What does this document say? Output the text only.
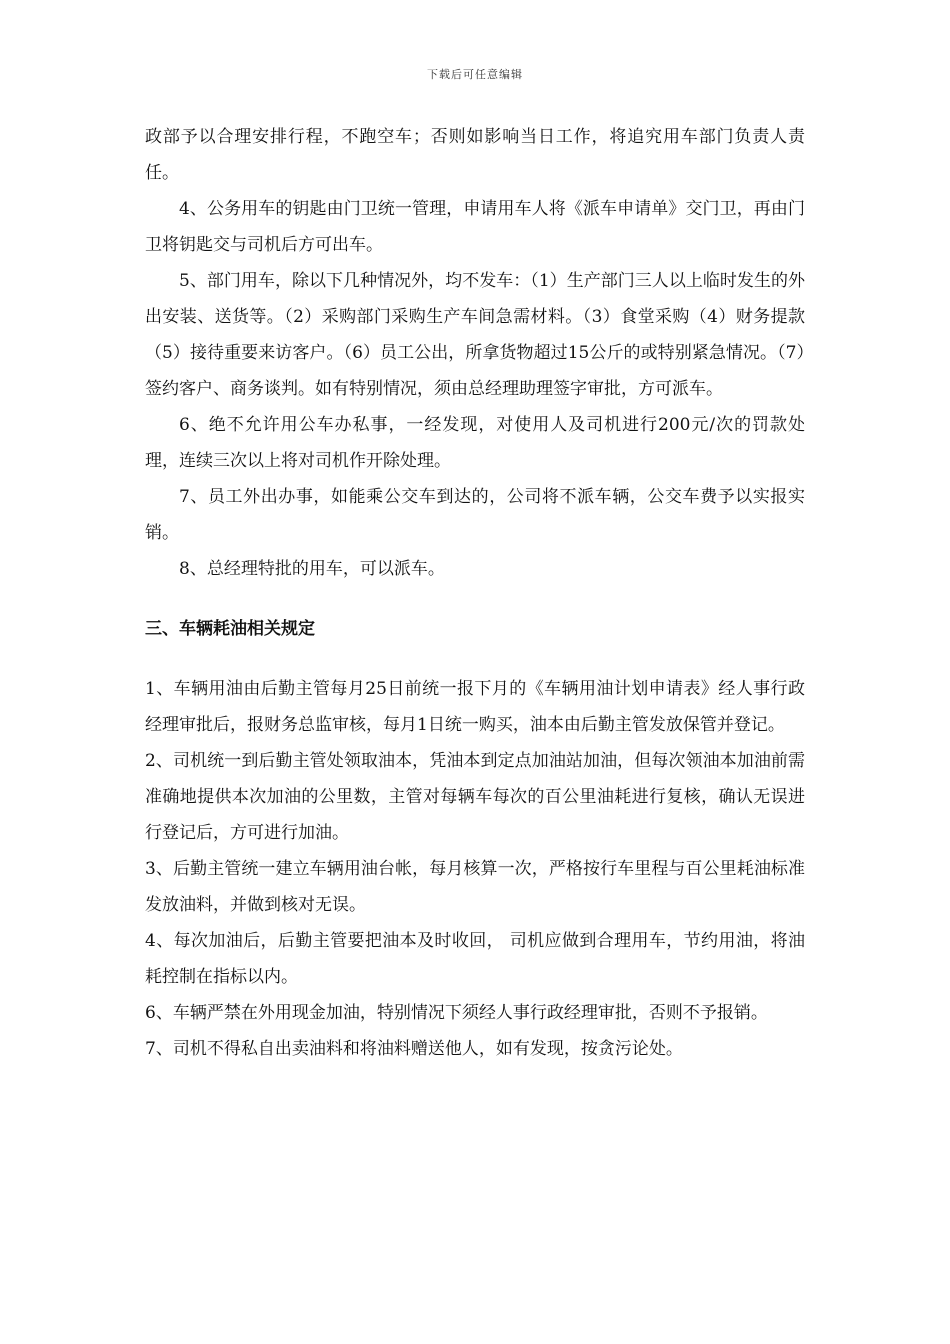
下载后可任意编辑

政部予以合理安排行程，不跑空车；否则如影响当日工作，将追究用车部门负责人责任。

4、公务用车的钥匙由门卫统一管理，申请用车人将《派车申请单》交门卫，再由门卫将钥匙交与司机后方可出车。

5、部门用车，除以下几种情况外，均不发车：（1）生产部门三人以上临时发生的外出安装、送货等。（2）采购部门采购生产车间急需材料。（3）食堂采购（4）财务提款（5）接待重要来访客户。（6）员工公出，所拿货物超过15公斤的或特别紧急情况。（7）签约客户、商务谈判。如有特别情况，须由总经理助理签字审批，方可派车。

6、绝不允许用公车办私事，一经发现，对使用人及司机进行200元/次的罚款处理，连续三次以上将对司机作开除处理。

7、员工外出办事，如能乘公交车到达的，公司将不派车辆，公交车费予以实报实销。

8、总经理特批的用车，可以派车。

三、车辆耗油相关规定

1、车辆用油由后勤主管每月25日前统一报下月的《车辆用油计划申请表》经人事行政经理审批后，报财务总监审核，每月1日统一购买，油本由后勤主管发放保管并登记。

2、司机统一到后勤主管处领取油本，凭油本到定点加油站加油，但每次领油本加油前需准确地提供本次加油的公里数，主管对每辆车每次的百公里油耗进行复核，确认无误进行登记后，方可进行加油。

3、后勤主管统一建立车辆用油台帐，每月核算一次，严格按行车里程与百公里耗油标准发放油料，并做到核对无误。

4、每次加油后，后勤主管要把油本及时收回， 司机应做到合理用车，节约用油，将油耗控制在指标以内。

6、车辆严禁在外用现金加油，特别情况下须经人事行政经理审批，否则不予报销。

7、司机不得私自出卖油料和将油料赠送他人，如有发现，按贪污论处。
